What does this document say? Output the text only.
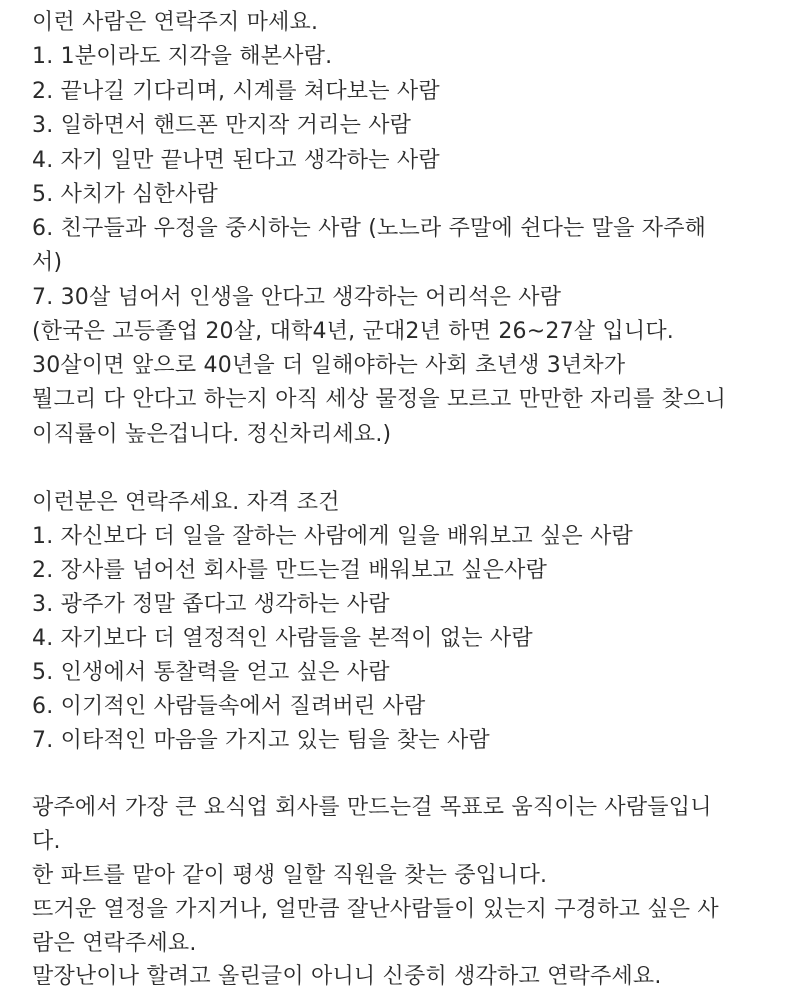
이런 사람은 연락주지 마세요.
1. 1분이라도 지각을 해본사람.
2. 끝나길 기다리며, 시계를 쳐다보는 사람
3. 일하면서 핸드폰 만지작 거리는 사람
4. 자기 일만 끝나면 된다고 생각하는 사람
5. 사치가 심한사람
6. 친구들과 우정을 중시하는 사람 (노느라 주말에 쉰다는 말을 자주해
서)
7. 30살 넘어서 인생을 안다고 생각하는 어리석은 사람
(한국은 고등졸업 20살, 대학4년, 군대2년 하면 26~27살 입니다.
30살이면 앞으로 40년을 더 일해야하는 사회 초년생 3년차가
뭘그리 다 안다고 하는지 아직 세상 물정을 모르고 만만한 자리를 찾으니
이직률이 높은겁니다. 정신차리세요.)
이런분은 연락주세요. 자격 조건
1. 자신보다 더 일을 잘하는 사람에게 일을 배워보고 싶은 사람
2. 장사를 넘어선 회사를 만드는걸 배워보고 싶은사람
3. 광주가 정말 좁다고 생각하는 사람
4. 자기보다 더 열정적인 사람들을 본적이 없는 사람
5. 인생에서 통찰력을 얻고 싶은 사람
6. 이기적인 사람들속에서 질려버린 사람
7. 이타적인 마음을 가지고 있는 팀을 찾는 사람
광주에서 가장 큰 요식업 회사를 만드는걸 목표로 움직이는 사람들입니
다.
한 파트를 맡아 같이 평생 일할 직원을 찾는 중입니다.
뜨거운 열정을 가지거나, 얼만큼 잘난사람들이 있는지 구경하고 싶은 사
람은 연락주세요.
말장난이나 할려고 올린글이 아니니 신중히 생각하고 연락주세요.
